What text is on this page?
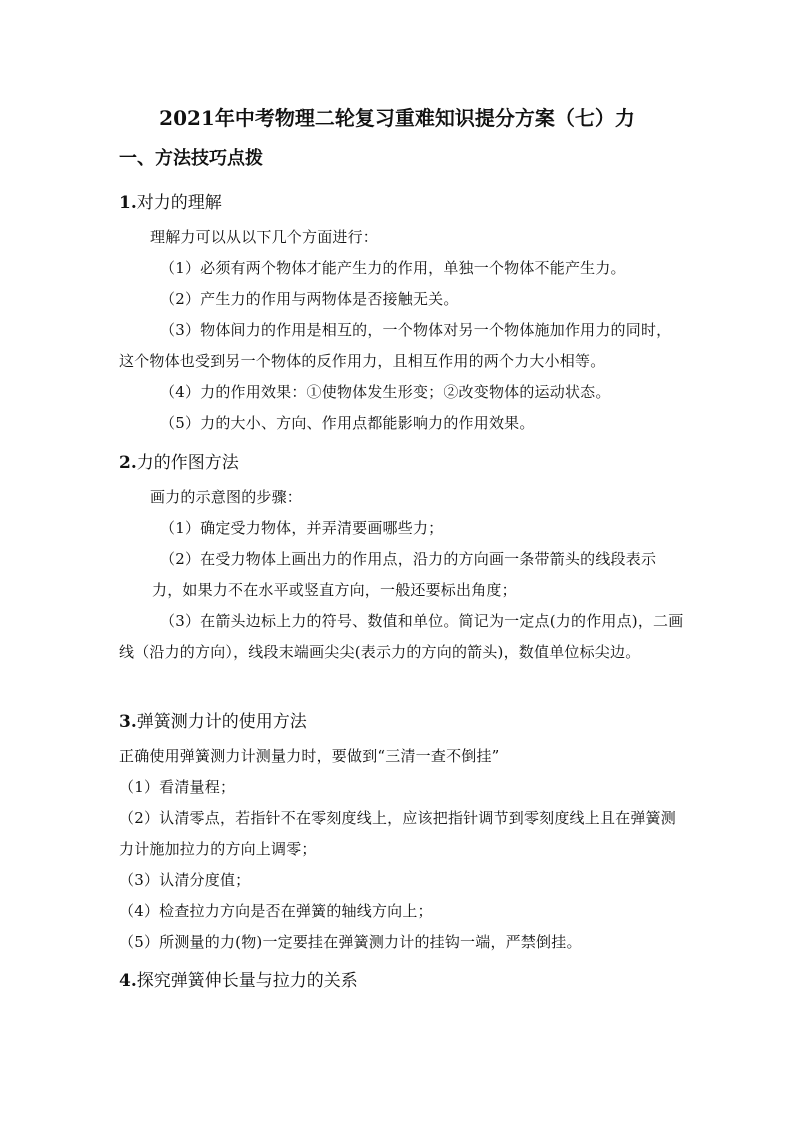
2021年中考物理二轮复习重难知识提分方案（七）力
一、方法技巧点拨
1.对力的理解
理解力可以从以下几个方面进行：
（1）必须有两个物体才能产生力的作用，单独一个物体不能产生力。
（2）产生力的作用与两物体是否接触无关。
（3）物体间力的作用是相互的，一个物体对另一个物体施加作用力的同时，这个物体也受到另一个物体的反作用力，且相互作用的两个力大小相等。
（4）力的作用效果：①使物体发生形变；②改变物体的运动状态。
（5）力的大小、方向、作用点都能影响力的作用效果。
2.力的作图方法
画力的示意图的步骤：
（1）确定受力物体，并弄清要画哪些力；
（2）在受力物体上画出力的作用点，沿力的方向画一条带箭头的线段表示
力，如果力不在水平或竖直方向，一般还要标出角度；
（3）在箭头边标上力的符号、数值和单位。简记为一定点(力的作用点)，二画线（沿力的方向），线段末端画尖尖(表示力的方向的箭头)，数值单位标尖边。
3.弹簧测力计的使用方法
正确使用弹簧测力计测量力时，要做到“三清一查不倒挂”
（1）看清量程；
（2）认清零点，若指针不在零刻度线上，应该把指针调节到零刻度线上且在弹簧测力计施加拉力的方向上调零；
（3）认清分度值；
（4）检查拉力方向是否在弹簧的轴线方向上；
（5）所测量的力(物)一定要挂在弹簧测力计的挂钩一端，严禁倒挂。
4.探究弹簧伸长量与拉力的关系
